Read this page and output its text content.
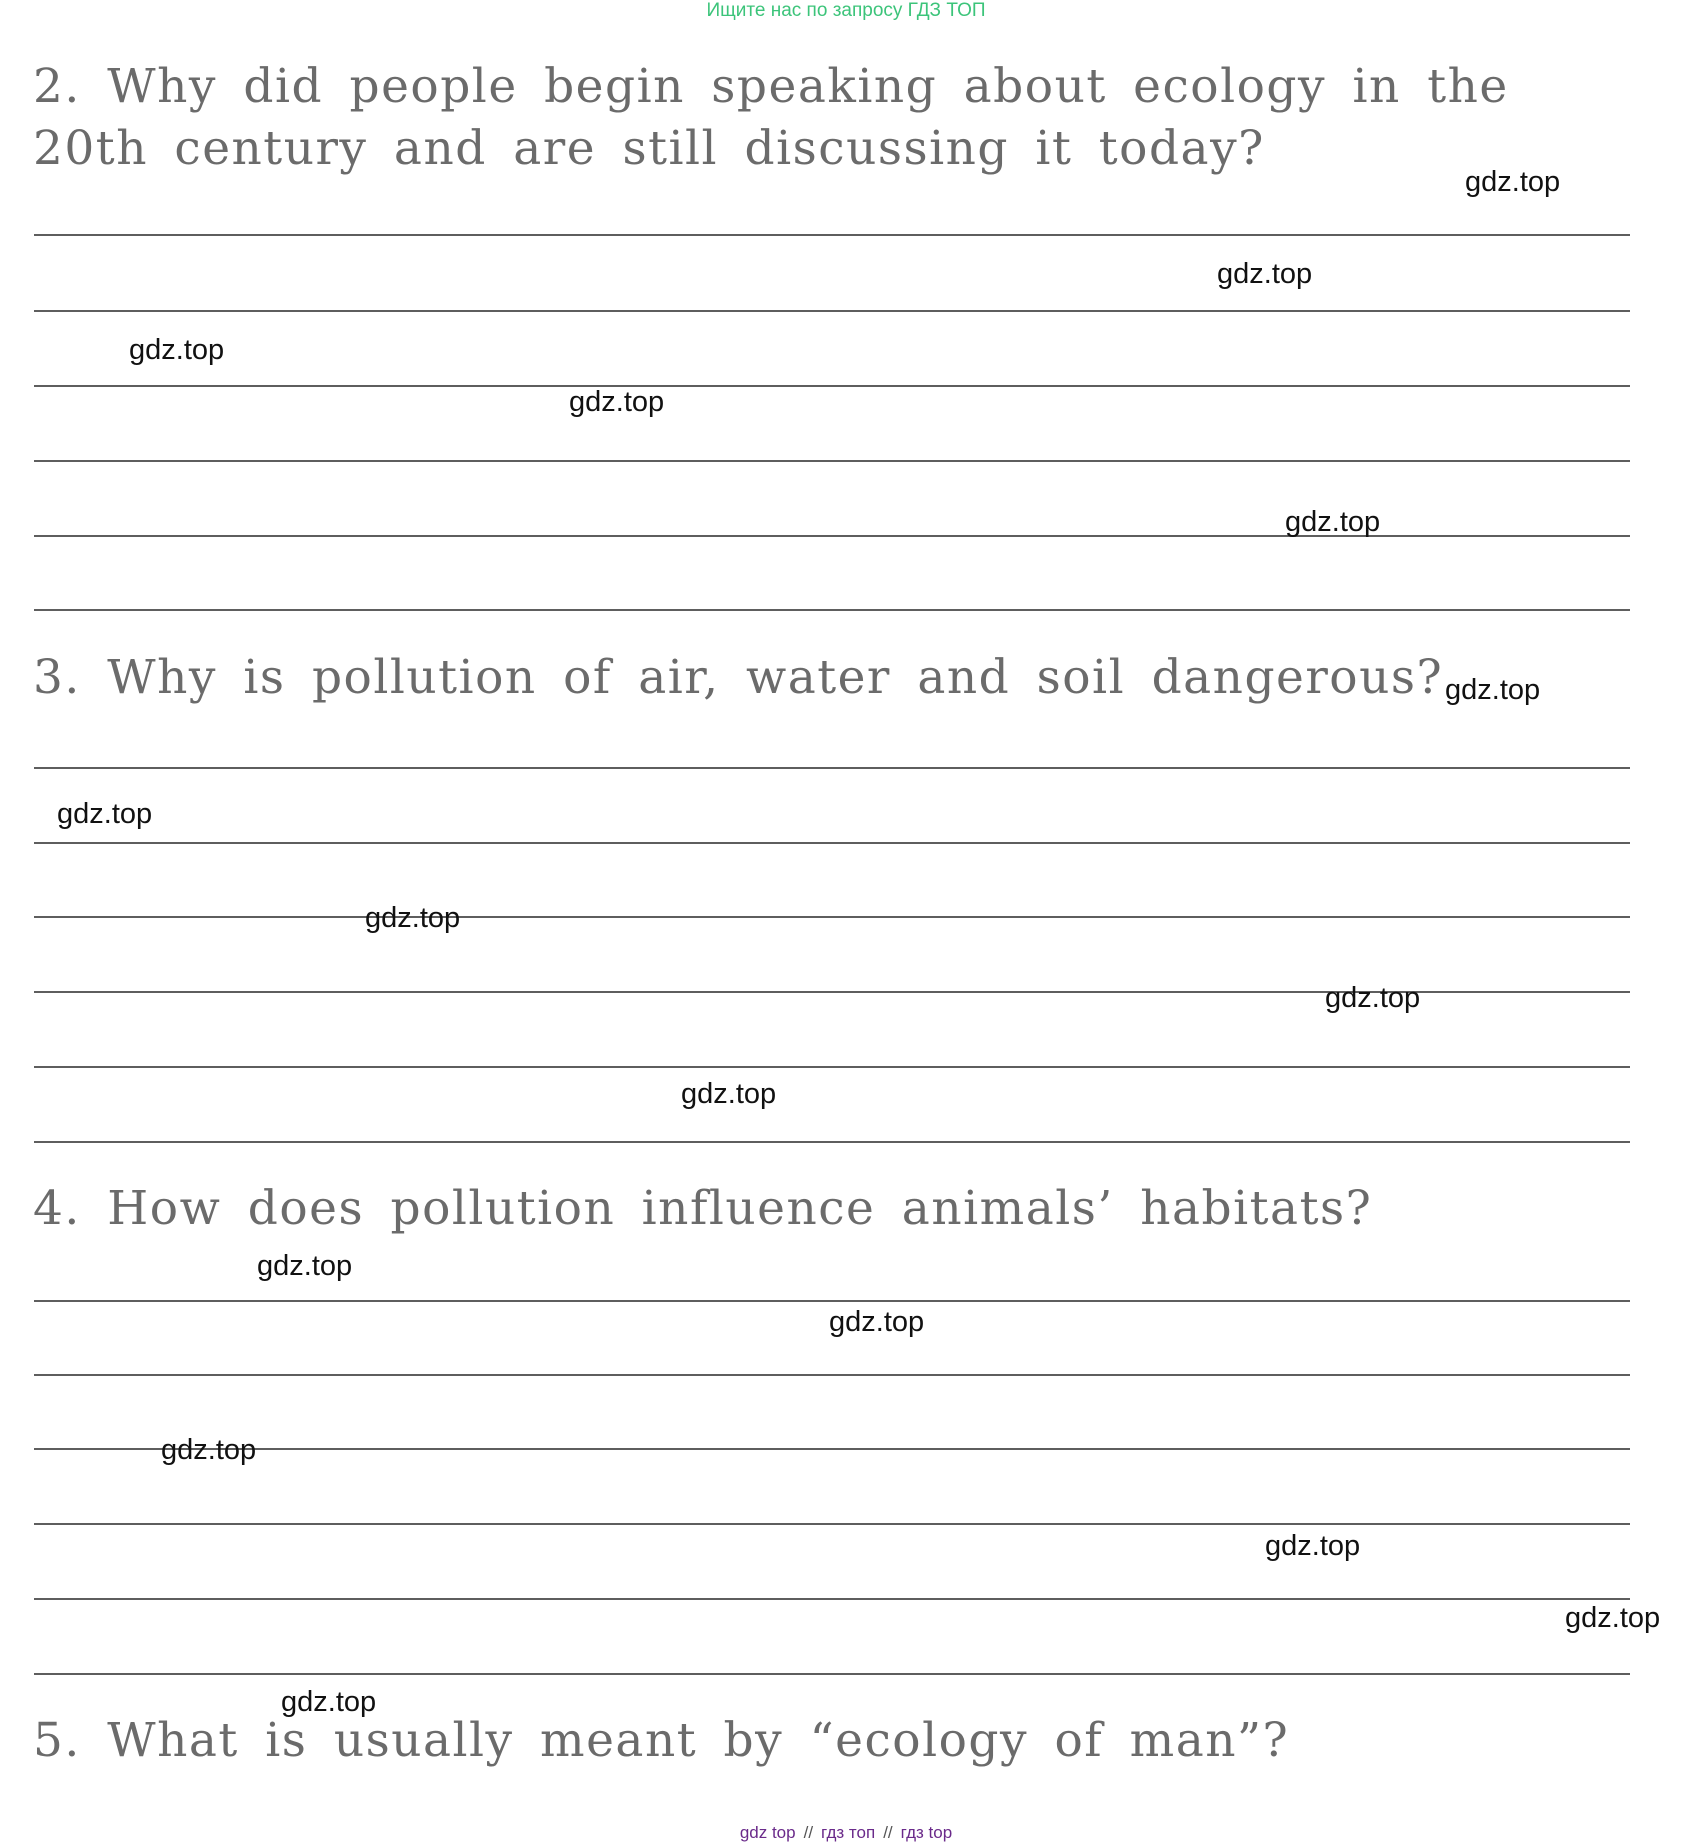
Ищите нас по запросу ГДЗ ТОП
2. Why did people begin speaking about ecology in the 20th century and are still discussing it today?
3. Why is pollution of air, water and soil dangerous?
4. How does pollution influence animals’ habitats?
5. What is usually meant by “ecology of man”?
gdz.top
gdz.top
gdz.top
gdz.top
gdz.top
gdz.top
gdz.top
gdz.top
gdz.top
gdz.top
gdz.top
gdz.top
gdz.top
gdz.top
gdz.top
gdz.top
gdz top // гдз топ // гдз top
